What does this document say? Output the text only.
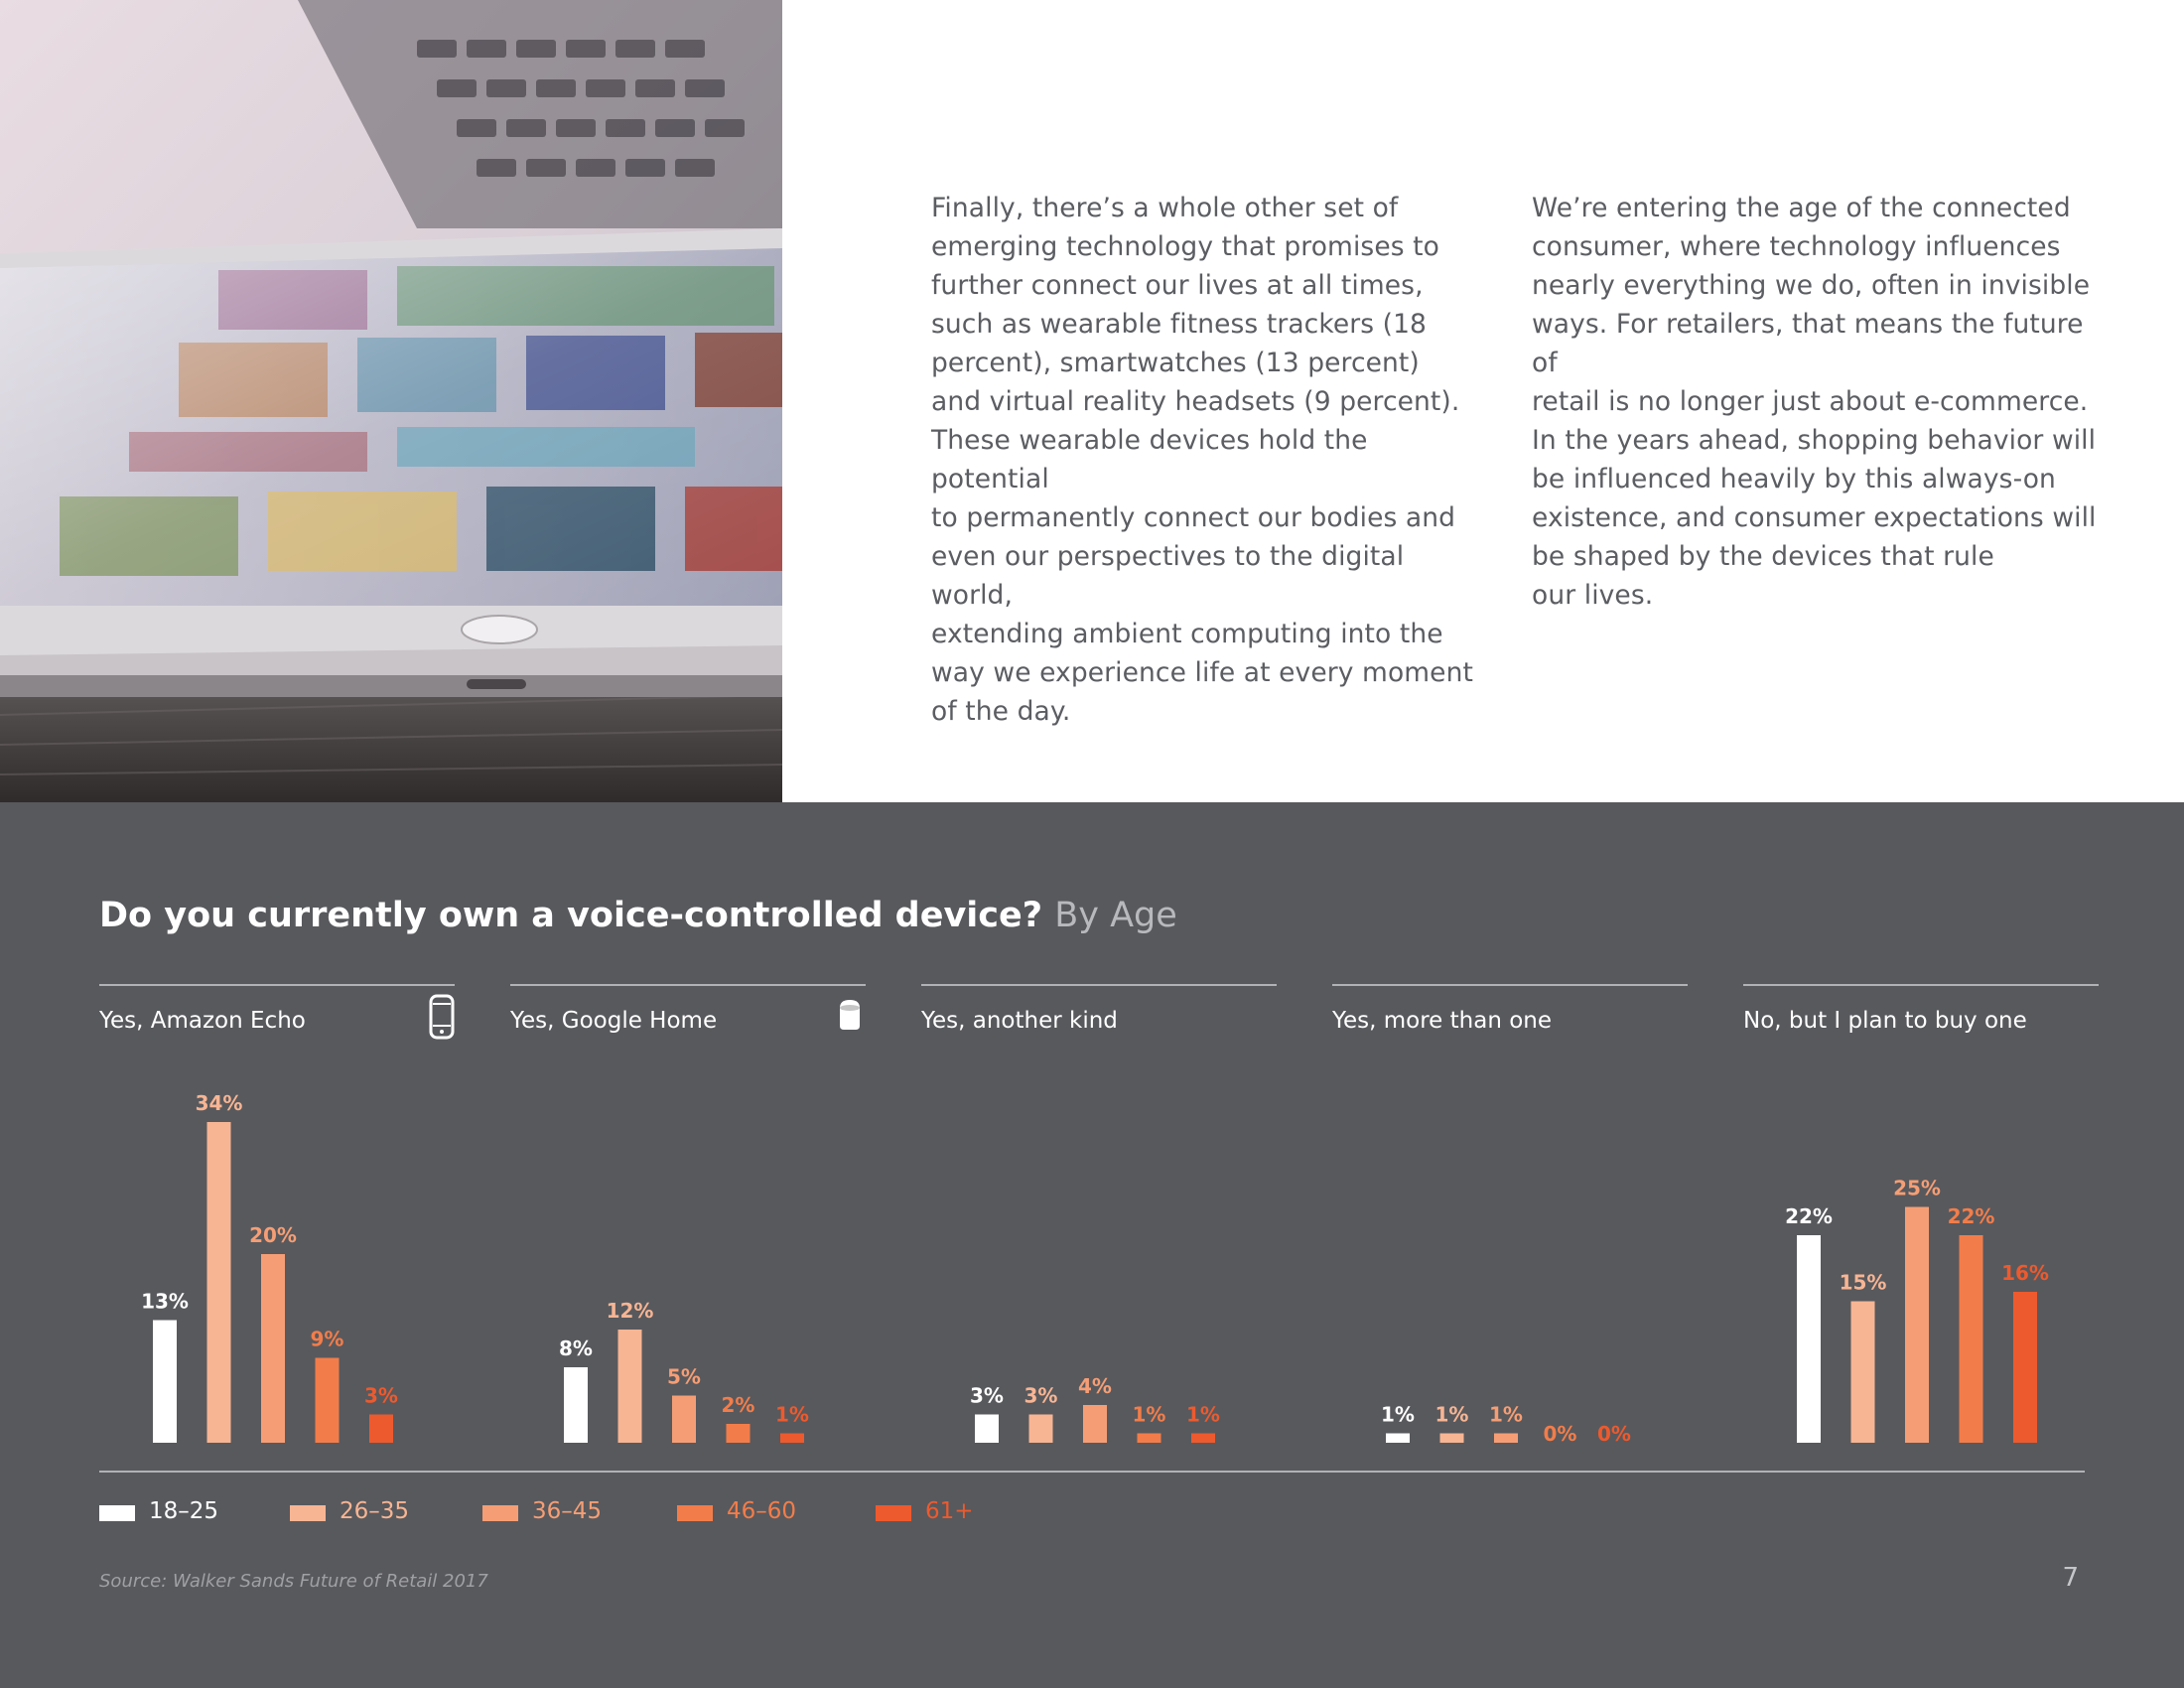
Finally, there’s a whole other set of
emerging technology that promises to
further connect our lives at all times,
such as wearable fitness trackers (18
percent), smartwatches (13 percent)
and virtual reality headsets (9 percent).
These wearable devices hold the potential
to permanently connect our bodies and
even our perspectives to the digital world,
extending ambient computing into the
way we experience life at every moment
of the day.

We’re entering the age of the connected
consumer, where technology influences
nearly everything we do, often in invisible
ways. For retailers, that means the future of
retail is no longer just about e-commerce.
In the years ahead, shopping behavior will
be influenced heavily by this always-on
existence, and consumer expectations will
be shaped by the devices that rule
our lives.

Do you currently own a voice-controlled device? By Age
Yes, Amazon Echo	Yes, Google Home	Yes, another kind	Yes, more than one	No, but I plan to buy one
13%
34%
20%
9%
3%
8%
12%
5%
2% 1%
3% 3% 4%
1% 1%	1% 1% 1%
0% 0%
22%
15%
25%
22%
16%
18–25	26–35	36–45	46–60	61+
Source: Walker Sands Future of Retail 2017	7
